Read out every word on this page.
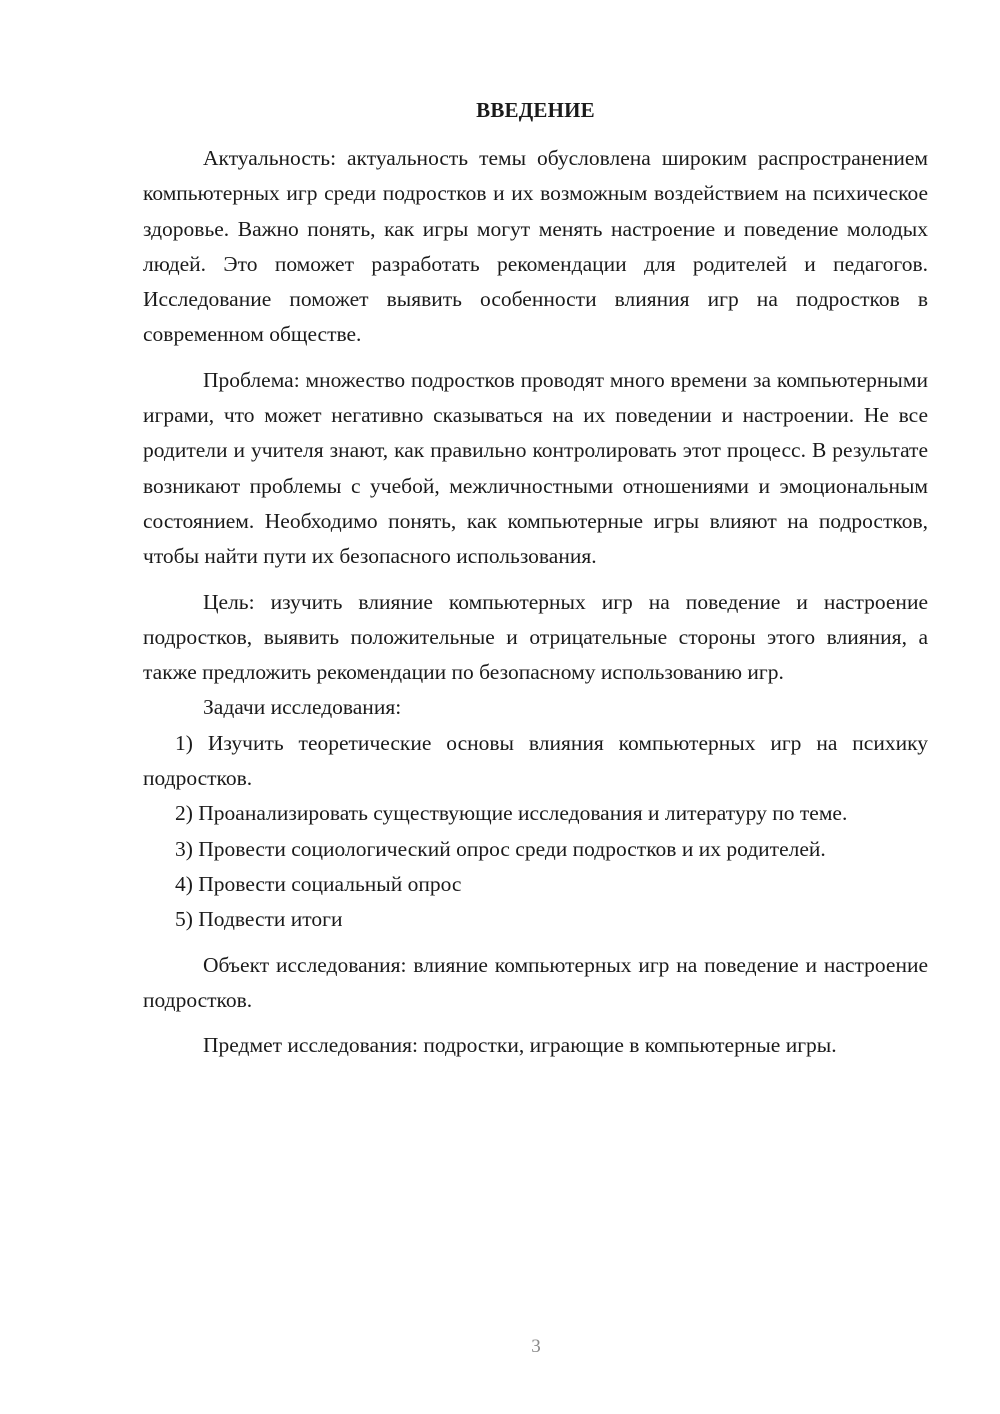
ВВЕДЕНИЕ

Актуальность: актуальность темы обусловлена широким распространением компьютерных игр среди подростков и их возможным воздействием на психическое здоровье. Важно понять, как игры могут менять настроение и поведение молодых людей. Это поможет разработать рекомендации для родителей и педагогов. Исследование поможет выявить особенности влияния игр на подростков в современном обществе.

Проблема: множество подростков проводят много времени за компьютерными играми, что может негативно сказываться на их поведении и настроении. Не все родители и учителя знают, как правильно контролировать этот процесс. В результате возникают проблемы с учебой, межличностными отношениями и эмоциональным состоянием. Необходимо понять, как компьютерные игры влияют на подростков, чтобы найти пути их безопасного использования.

Цель: изучить влияние компьютерных игр на поведение и настроение подростков, выявить положительные и отрицательные стороны этого влияния, а также предложить рекомендации по безопасному использованию игр.

Задачи исследования:

1) Изучить теоретические основы влияния компьютерных игр на психику подростков.

2) Проанализировать существующие исследования и литературу по теме.

3) Провести социологический опрос среди подростков и их родителей.

4) Провести социальный опрос

5) Подвести итоги

Объект исследования: влияние компьютерных игр на поведение и настроение подростков.

Предмет исследования: подростки, играющие в компьютерные игры.

3
